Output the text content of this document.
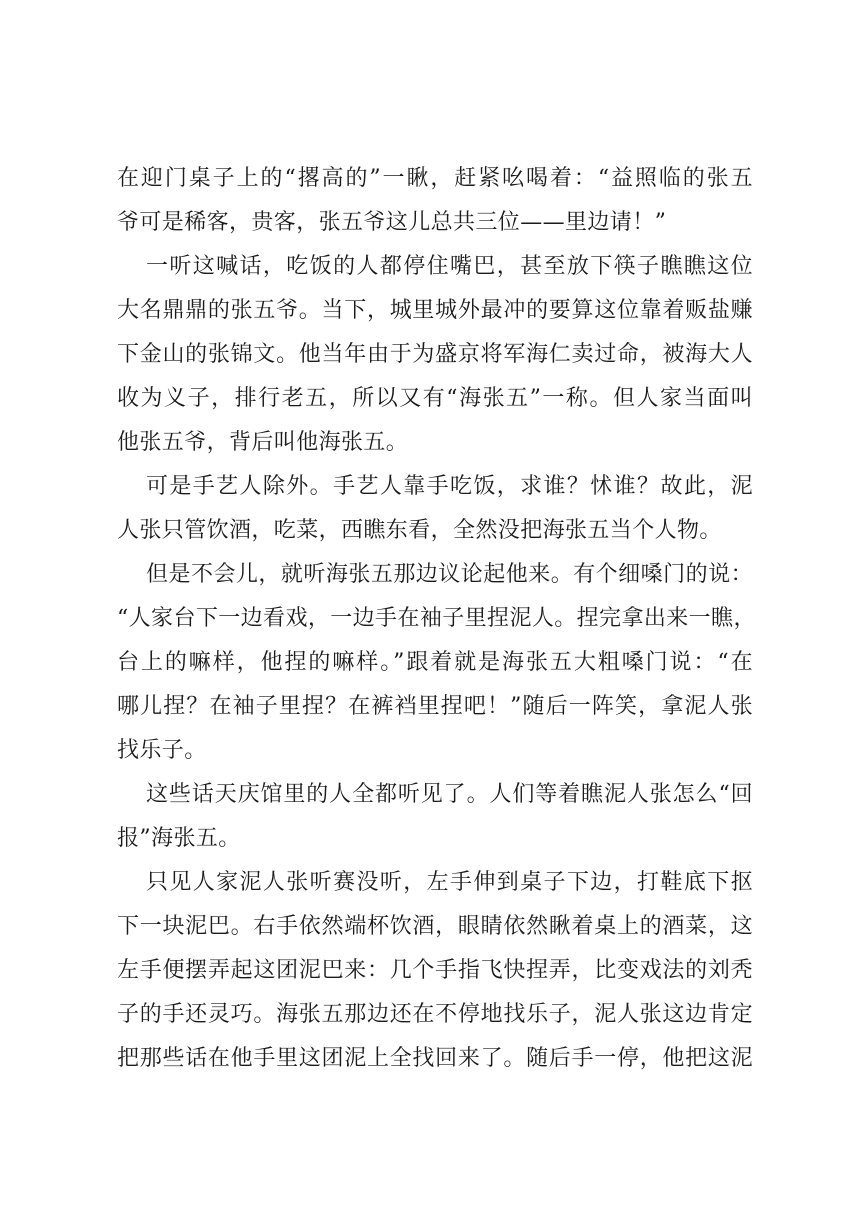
在迎门桌子上的“撂高的”一瞅，赶紧吆喝着：“益照临的张五
爷可是稀客，贵客，张五爷这儿总共三位——里边请！”
一听这喊话，吃饭的人都停住嘴巴，甚至放下筷子瞧瞧这位
大名鼎鼎的张五爷。当下，城里城外最冲的要算这位靠着贩盐赚
下金山的张锦文。他当年由于为盛京将军海仁卖过命，被海大人
收为义子，排行老五，所以又有“海张五”一称。但人家当面叫
他张五爷，背后叫他海张五。
可是手艺人除外。手艺人靠手吃饭，求谁？怵谁？故此，泥
人张只管饮酒，吃菜，西瞧东看，全然没把海张五当个人物。
但是不会儿，就听海张五那边议论起他来。有个细嗓门的说：
“人家台下一边看戏，一边手在袖子里捏泥人。捏完拿出来一瞧，
台上的嘛样，他捏的嘛样。”跟着就是海张五大粗嗓门说：“在
哪儿捏？在袖子里捏？在裤裆里捏吧！”随后一阵笑，拿泥人张
找乐子。
这些话天庆馆里的人全都听见了。人们等着瞧泥人张怎么“回
报”海张五。
只见人家泥人张听赛没听，左手伸到桌子下边，打鞋底下抠
下一块泥巴。右手依然端杯饮酒，眼睛依然瞅着桌上的酒菜，这
左手便摆弄起这团泥巴来：几个手指飞快捏弄，比变戏法的刘秃
子的手还灵巧。海张五那边还在不停地找乐子，泥人张这边肯定
把那些话在他手里这团泥上全找回来了。随后手一停，他把这泥
